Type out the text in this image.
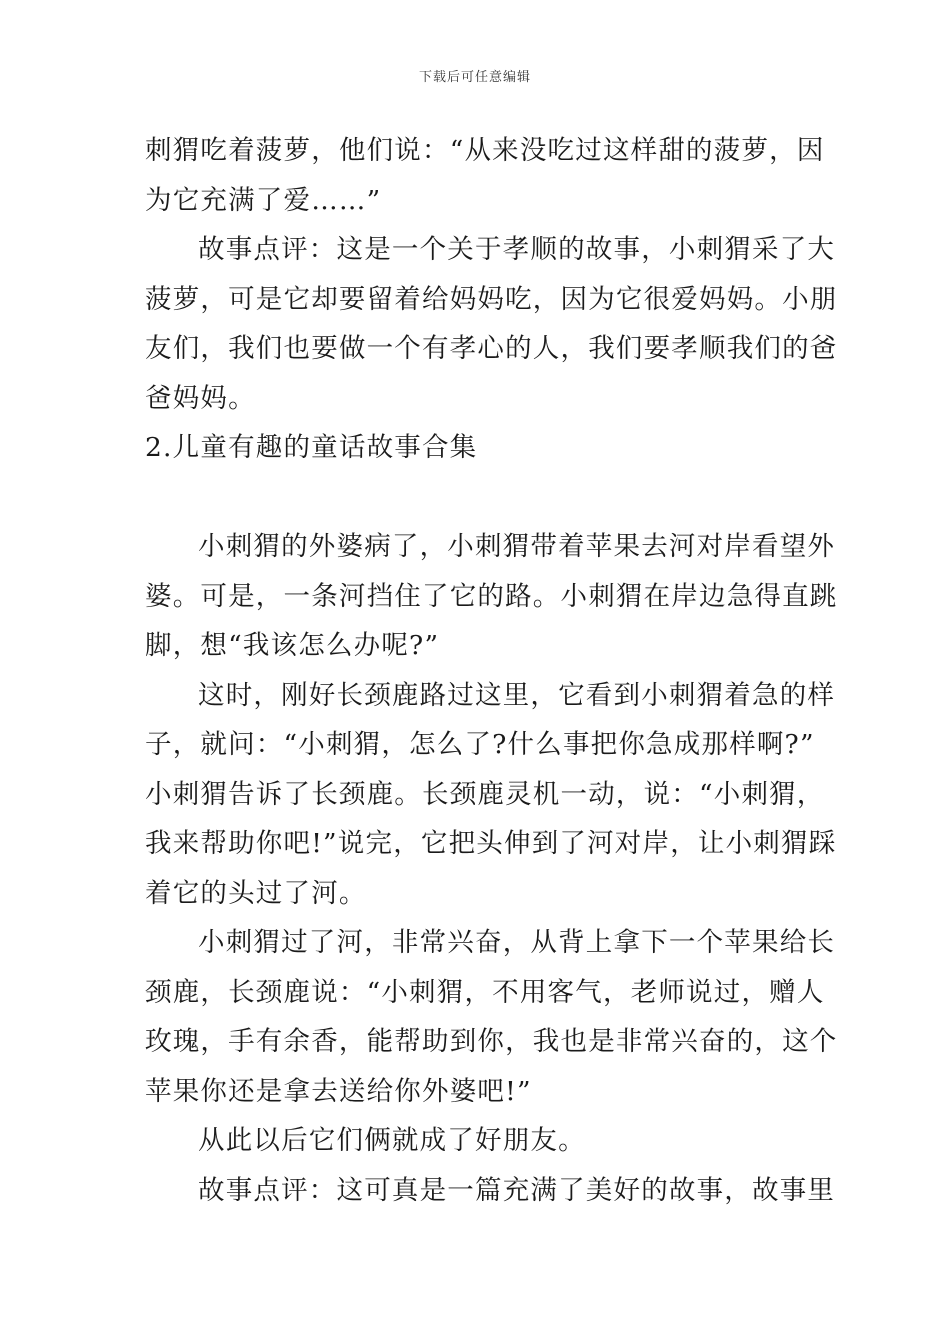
下载后可任意编辑
刺猬吃着菠萝，他们说：“从来没吃过这样甜的菠萝，因
为它充满了爱……”
故事点评：这是一个关于孝顺的故事，小刺猬采了大
菠萝，可是它却要留着给妈妈吃，因为它很爱妈妈。小朋
友们，我们也要做一个有孝心的人，我们要孝顺我们的爸
爸妈妈。
2.儿童有趣的童话故事合集
小刺猬的外婆病了，小刺猬带着苹果去河对岸看望外
婆。可是，一条河挡住了它的路。小刺猬在岸边急得直跳
脚，想“我该怎么办呢?”
这时，刚好长颈鹿路过这里，它看到小刺猬着急的样
子，就问：“小刺猬，怎么了?什么事把你急成那样啊?”
小刺猬告诉了长颈鹿。长颈鹿灵机一动，说：“小刺猬，
我来帮助你吧!”说完，它把头伸到了河对岸，让小刺猬踩
着它的头过了河。
小刺猬过了河，非常兴奋，从背上拿下一个苹果给长
颈鹿，长颈鹿说：“小刺猬，不用客气，老师说过，赠人
玫瑰，手有余香，能帮助到你，我也是非常兴奋的，这个
苹果你还是拿去送给你外婆吧!”
从此以后它们俩就成了好朋友。
故事点评：这可真是一篇充满了美好的故事，故事里
